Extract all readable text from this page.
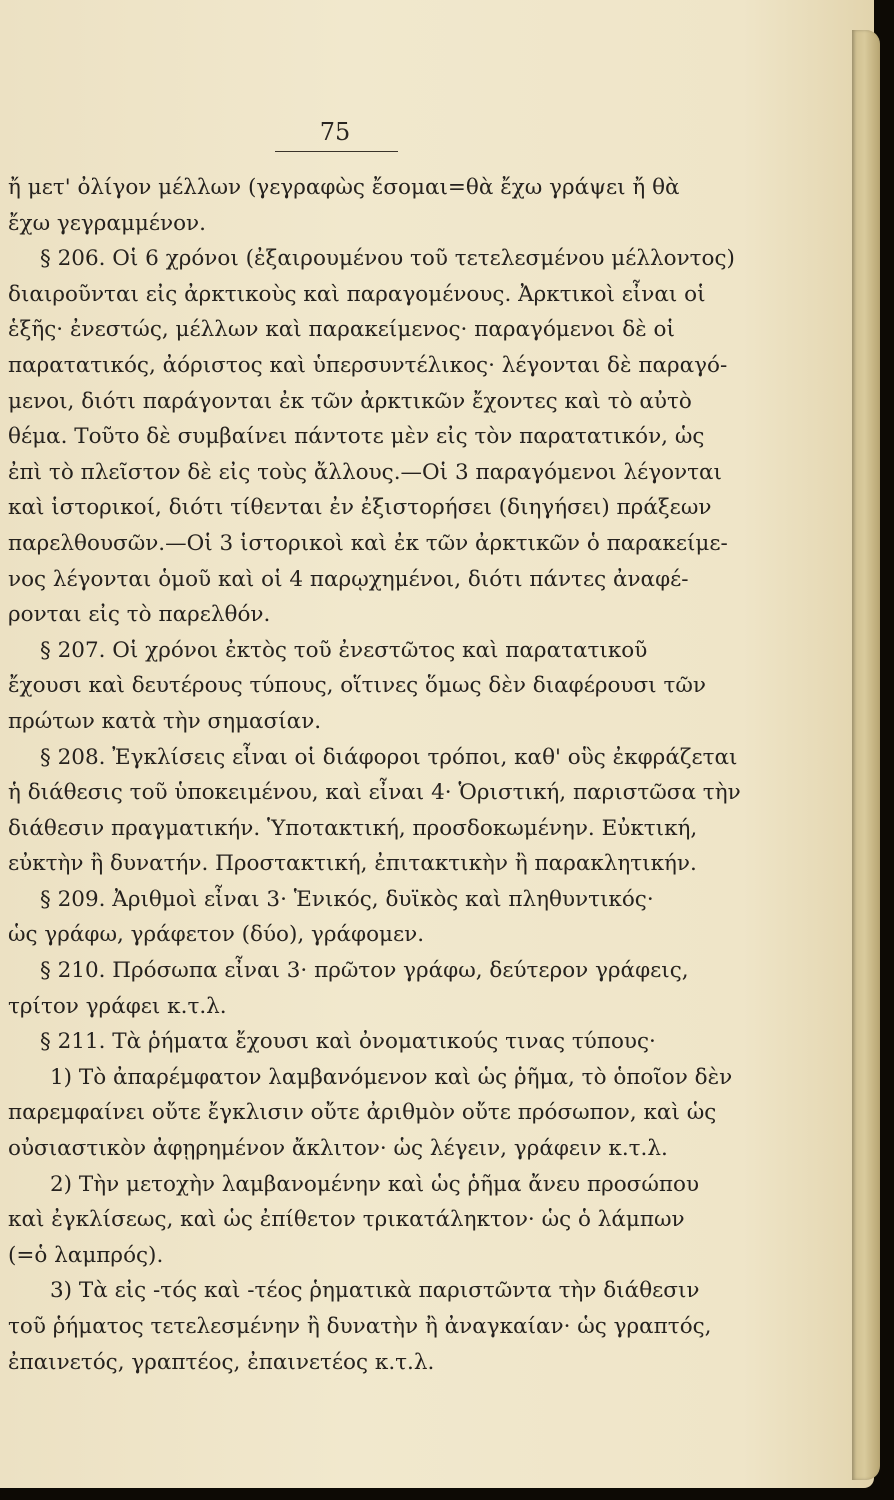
75
ἤ μετ' ὀλίγον μέλλων (γεγραφὼς ἔσομαι=θὰ ἔχω γράψει ἤ θὰ
ἔχω γεγραμμένον.
§ 206. Οἱ 6 χρόνοι (ἐξαιρουμένου τοῦ τετελεσμένου μέλλοντος)
διαιροῦνται εἰς ἀρκτικοὺς καὶ παραγομένους. Ἀρκτικοὶ εἶναι οἱ
ἑξῆς· ἐνεστώς, μέλλων καὶ παρακείμενος· παραγόμενοι δὲ οἱ
παρατατικός, ἀόριστος καὶ ὑπερσυντέλικος· λέγονται δὲ παραγό-
μενοι, διότι παράγονται ἐκ τῶν ἀρκτικῶν ἔχοντες καὶ τὸ αὐτὸ
θέμα. Τοῦτο δὲ συμβαίνει πάντοτε μὲν εἰς τὸν παρατατικόν, ὡς
ἐπὶ τὸ πλεῖστον δὲ εἰς τοὺς ἄλλους.—Οἱ 3 παραγόμενοι λέγονται
καὶ ἱστορικοί, διότι τίθενται ἐν ἐξιστορήσει (διηγήσει) πράξεων
παρελθουσῶν.—Οἱ 3 ἱστορικοὶ καὶ ἐκ τῶν ἀρκτικῶν ὁ παρακείμε-
νος λέγονται ὁμοῦ καὶ οἱ 4 παρῳχημένοι, διότι πάντες ἀναφέ-
ρονται εἰς τὸ παρελθόν.
§ 207. Οἱ χρόνοι ἐκτὸς τοῦ ἐνεστῶτος καὶ παρατατικοῦ
ἔχουσι καὶ δευτέρους τύπους, οἵτινες ὅμως δὲν διαφέρουσι τῶν
πρώτων κατὰ τὴν σημασίαν.
§ 208. Ἐγκλίσεις εἶναι οἱ διάφοροι τρόποι, καθ' οὓς ἐκφράζεται
ἡ διάθεσις τοῦ ὑποκειμένου, καὶ εἶναι 4· Ὁριστική, παριστῶσα τὴν
διάθεσιν πραγματικήν. Ὑποτακτική, προσδοκωμένην. Εὐκτική,
εὐκτὴν ἢ δυνατήν. Προστακτική, ἐπιτακτικὴν ἢ παρακλητικήν.
§ 209. Ἀριθμοὶ εἶναι 3· Ἑνικός, δυϊκὸς καὶ πληθυντικός·
ὡς γράφω, γράφετον (δύο), γράφομεν.
§ 210. Πρόσωπα εἶναι 3· πρῶτον γράφω, δεύτερον γράφεις,
τρίτον γράφει κ.τ.λ.
§ 211. Τὰ ῥήματα ἔχουσι καὶ ὀνοματικούς τινας τύπους·
1) Τὸ ἀπαρέμφατον λαμβανόμενον καὶ ὡς ῥῆμα, τὸ ὁποῖον δὲν
παρεμφαίνει οὔτε ἔγκλισιν οὔτε ἀριθμὸν οὔτε πρόσωπον, καὶ ὡς
οὐσιαστικὸν ἀφῃρημένον ἄκλιτον· ὡς λέγειν, γράφειν κ.τ.λ.
2) Τὴν μετοχὴν λαμβανομένην καὶ ὡς ῥῆμα ἄνευ προσώπου
καὶ ἐγκλίσεως, καὶ ὡς ἐπίθετον τρικατάληκτον· ὡς ὁ λάμπων
(=ὁ λαμπρός).
3) Τὰ εἰς -τός καὶ -τέος ῥηματικὰ παριστῶντα τὴν διάθεσιν
τοῦ ῥήματος τετελεσμένην ἢ δυνατὴν ἢ ἀναγκαίαν· ὡς γραπτός,
ἐπαινετός, γραπτέος, ἐπαινετέος κ.τ.λ.
